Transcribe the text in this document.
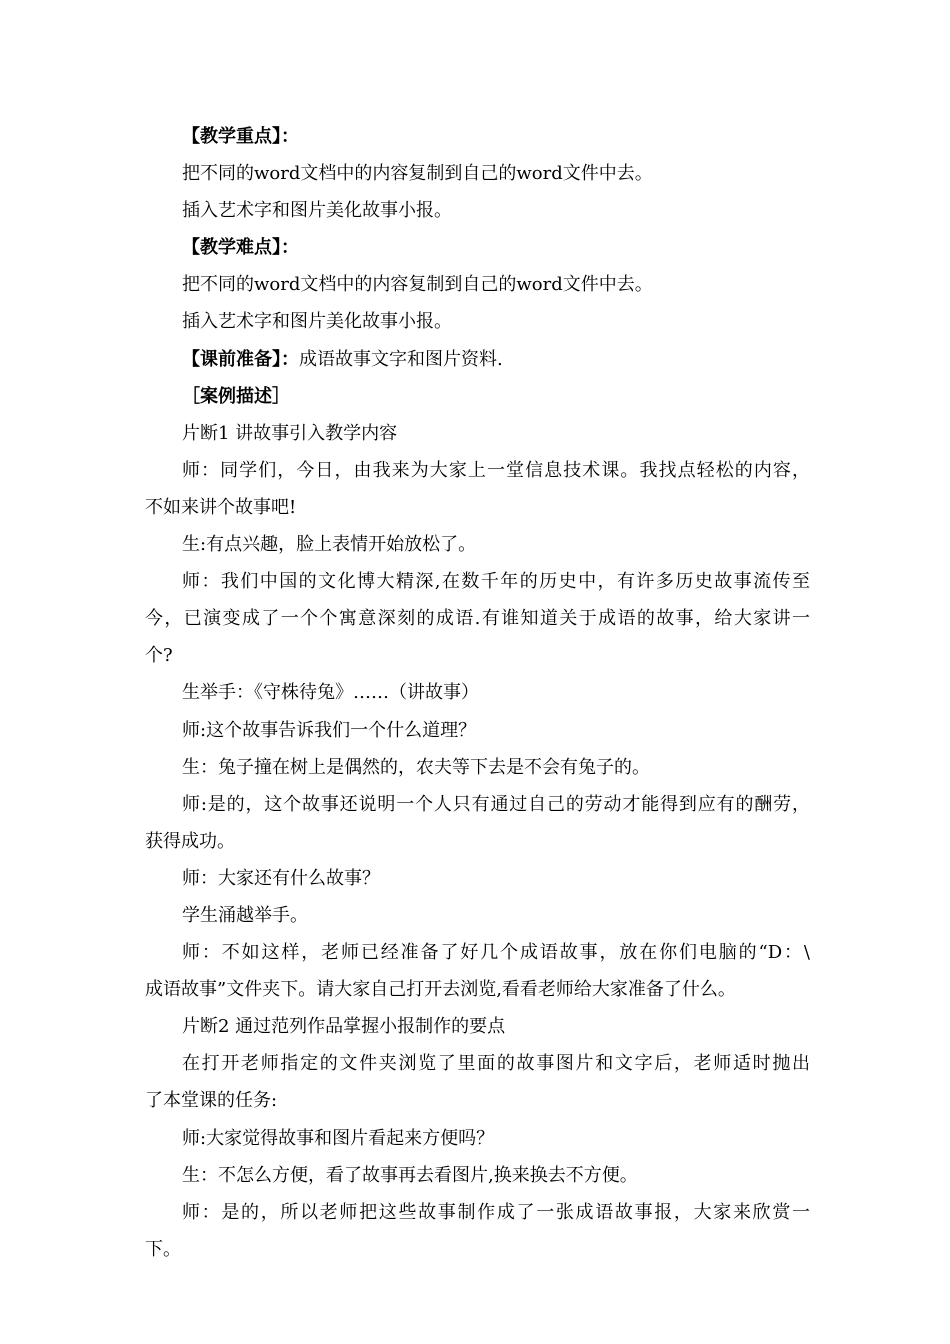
【教学重点】：
把不同的word文档中的内容复制到自己的word文件中去。
插入艺术字和图片美化故事小报。
【教学难点】：
把不同的word文档中的内容复制到自己的word文件中去。
插入艺术字和图片美化故事小报。
【课前准备】：成语故事文字和图片资料.
［案例描述］
片断1 讲故事引入教学内容
师：同学们，今日，由我来为大家上一堂信息技术课。我找点轻松的内容，
不如来讲个故事吧!
生:有点兴趣，脸上表情开始放松了。
师：我们中国的文化博大精深,在数千年的历史中，有许多历史故事流传至
今，已演变成了一个个寓意深刻的成语.有谁知道关于成语的故事，给大家讲一
个?
生举手：《守株待兔》……（讲故事）
师:这个故事告诉我们一个什么道理？
生：兔子撞在树上是偶然的，农夫等下去是不会有兔子的。
师:是的，这个故事还说明一个人只有通过自己的劳动才能得到应有的酬劳，
获得成功。
师：大家还有什么故事？
学生涌越举手。
师：不如这样，老师已经准备了好几个成语故事，放在你们电脑的“D：\
成语故事”文件夹下。请大家自己打开去浏览,看看老师给大家准备了什么。
片断2 通过范列作品掌握小报制作的要点
在打开老师指定的文件夹浏览了里面的故事图片和文字后，老师适时抛出
了本堂课的任务:
师:大家觉得故事和图片看起来方便吗？
生：不怎么方便，看了故事再去看图片,换来换去不方便。
师：是的，所以老师把这些故事制作成了一张成语故事报，大家来欣赏一
下。
